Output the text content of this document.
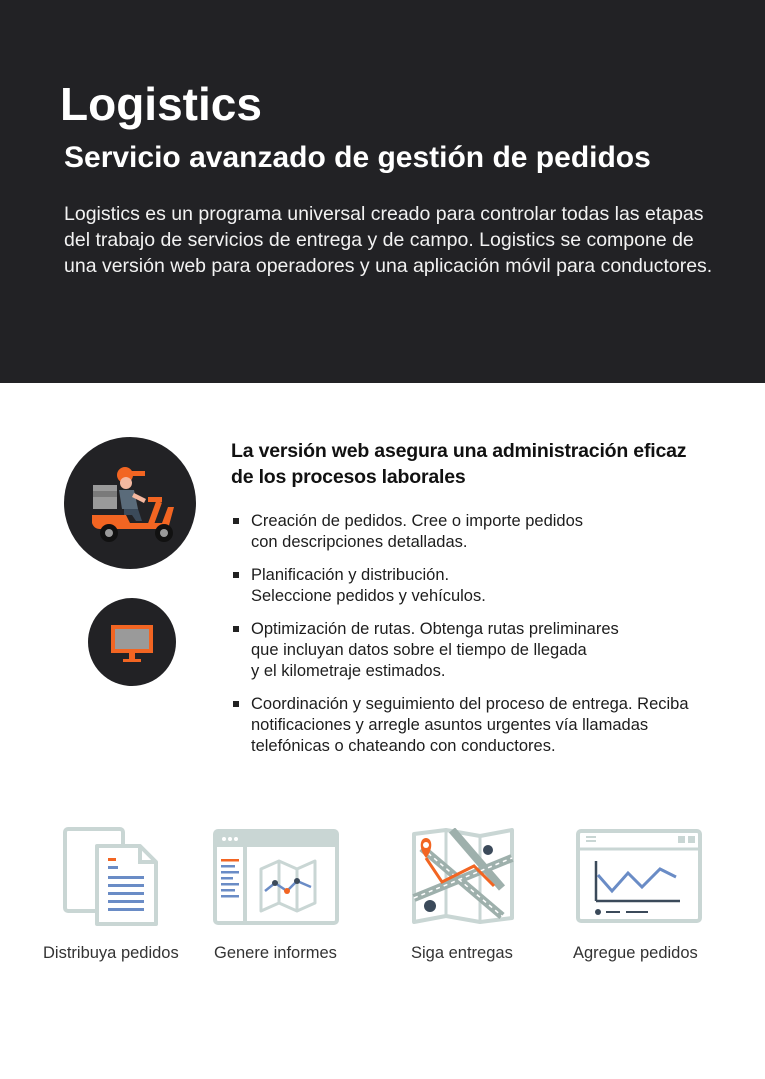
Logistics
Servicio avanzado de gestión de pedidos

Logistics es un programa universal creado para controlar todas las etapas del trabajo de servicios de entrega y de campo. Logistics se compone de una versión web para operadores y una aplicación móvil para conductores.

La versión web asegura una administración eficaz
de los procesos laborales
Creación de pedidos. Cree o importe pedidos
con descripciones detalladas.
Planificación y distribución.
Seleccione pedidos y vehículos.
Optimización de rutas. Obtenga rutas preliminares
que incluyan datos sobre el tiempo de llegada
y el kilometraje estimados.
Coordinación y seguimiento del proceso de entrega. Reciba
notificaciones y arregle asuntos urgentes vía llamadas
telefónicas o chateando con conductores.
Distribuya pedidos Genere informes	Siga entregas	Agregue pedidos
